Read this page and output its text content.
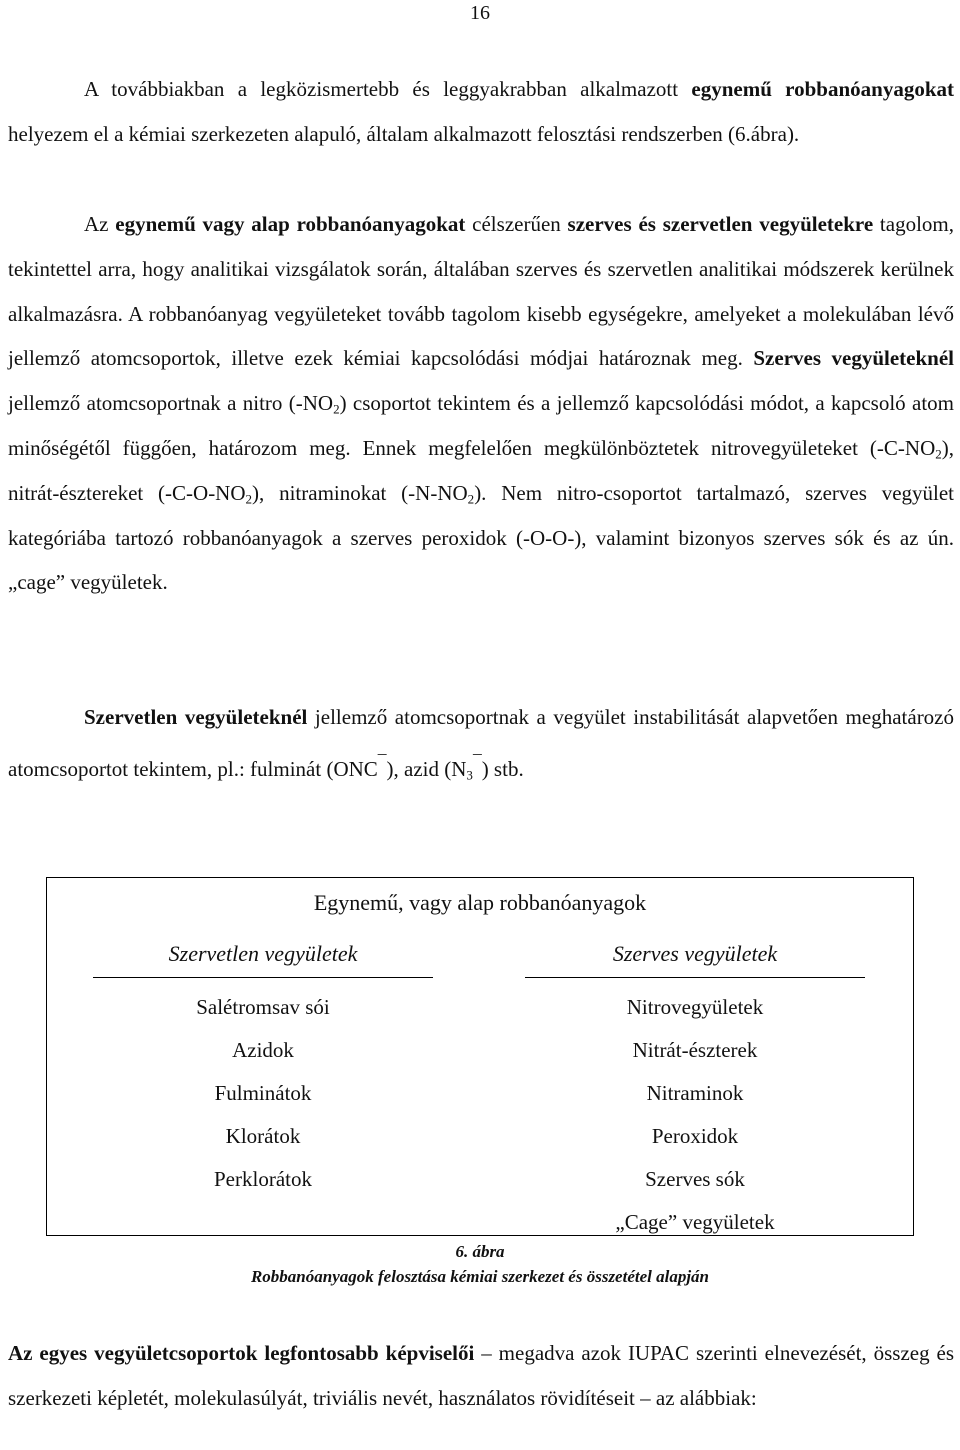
16
A továbbiakban a legközismertebb és leggyakrabban alkalmazott egynemű robbanóanyagokat helyezem el a kémiai szerkezeten alapuló, általam alkalmazott felosztási rendszerben (6.ábra).
Az egynemű vagy alap robbanóanyagokat célszerűen szerves és szervetlen vegyületekre tagolom, tekintettel arra, hogy analitikai vizsgálatok során, általában szerves és szervetlen analitikai módszerek kerülnek alkalmazásra. A robbanóanyag vegyületeket tovább tagolom kisebb egységekre, amelyeket a molekulában lévő jellemző atomcsoportok, illetve ezek kémiai kapcsolódási módjai határoznak meg. Szerves vegyületeknél jellemző atomcsoportnak a nitro $(-NO_2)$ csoportot tekintem és a jellemző kapcsolódási módot, a kapcsoló atom minőségétől függően, határozom meg. Ennek megfelelően megkülönböztetek nitrovegyületeket $(-C-NO_2)$, nitrát-észtereket $(-C-O-NO_2)$, nitraminokat $(-N-NO_2)$. Nem nitro-csoportot tartalmazó, szerves vegyület kategóriába tartozó robbanóanyagok a szerves peroxidok (-O-O-), valamint bizonyos szerves sók és az ún. „cage” vegyületek.
Szervetlen vegyületeknél jellemző atomcsoportnak a vegyület instabilitását alapvetően meghatározó atomcsoportot tekintem, pl.: fulminát (ONC¯), azid $(N_3^¯)$ stb.
Egynemű, vagy alap robbanóanyagok
Szervetlen vegyületek
Salétromsav sói
Azidok
Fulminátok
Klorátok
Perklorátok
Szerves vegyületek
Nitrovegyületek
Nitrát-észterek
Nitraminok
Peroxidok
Szerves sók
„Cage” vegyületek
6. ábra
Robbanóanyagok felosztása kémiai szerkezet és összetétel alapján
Az egyes vegyületcsoportok legfontosabb képviselői – megadva azok IUPAC szerinti elnevezését, összeg és szerkezeti képletét, molekulasúlyát, triviális nevét, használatos rövidítéseit – az alábbiak:
